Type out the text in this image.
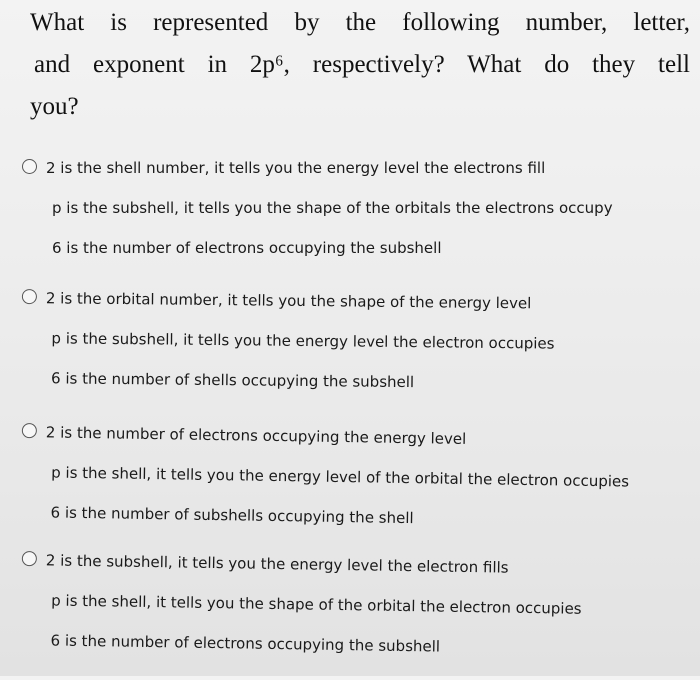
What is represented by the following number, letter,
and exponent in 2p⁶, respectively? What do they tell
you?
2 is the shell number, it tells you the energy level the electrons fill
p is the subshell, it tells you the shape of the orbitals the electrons occupy
6 is the number of electrons occupying the subshell
2 is the orbital number, it tells you the shape of the energy level
p is the subshell, it tells you the energy level the electron occupies
6 is the number of shells occupying the subshell
2 is the number of electrons occupying the energy level
p is the shell, it tells you the energy level of the orbital the electron occupies
6 is the number of subshells occupying the shell
2 is the subshell, it tells you the energy level the electron fills
p is the shell, it tells you the shape of the orbital the electron occupies
6 is the number of electrons occupying the subshell
